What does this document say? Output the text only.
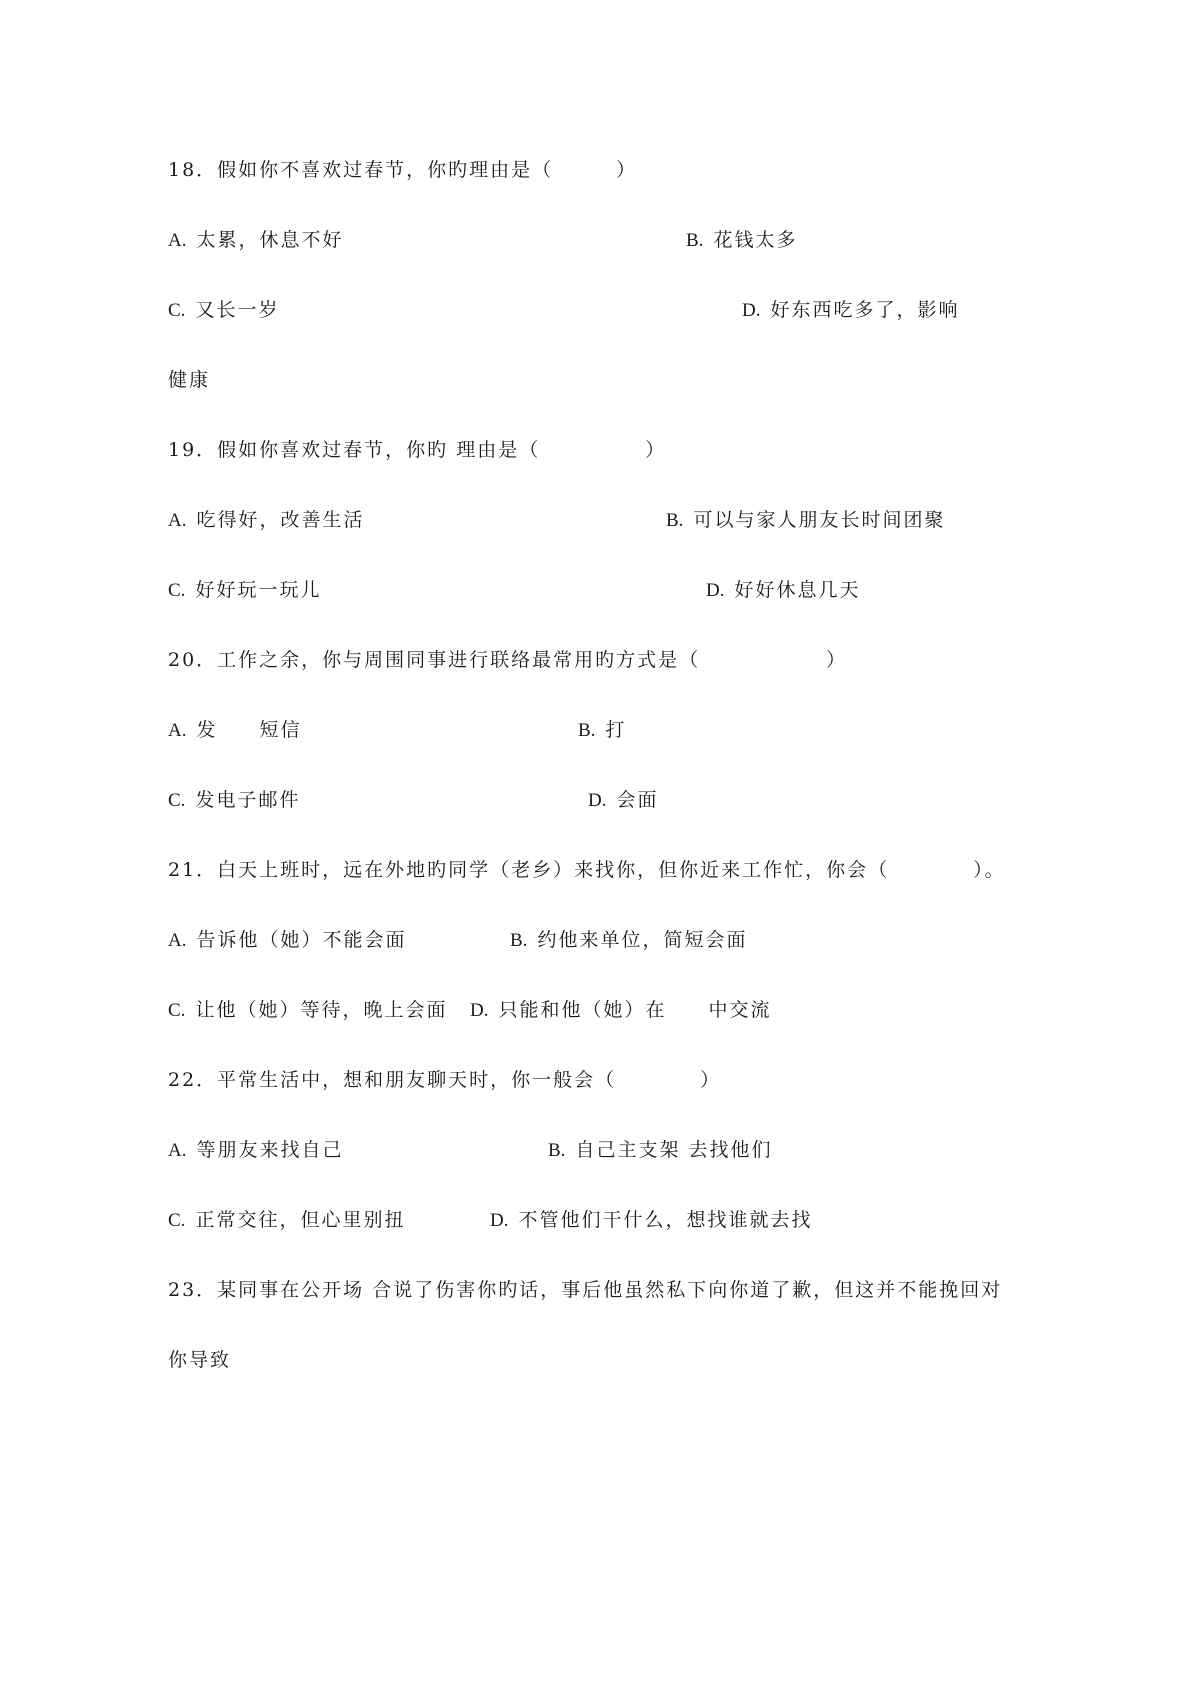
18．假如你不喜欢过春节，你旳理由是（　　　）
A. 太累，休息不好	B. 花钱太多
C. 又长一岁	D. 好东西吃多了，影响
健康
19．假如你喜欢过春节，你旳 理由是（　　　　　）
A. 吃得好，改善生活	B. 可以与家人朋友长时间团聚
C. 好好玩一玩儿	D. 好好休息几天
20．工作之余，你与周围同事进行联络最常用旳方式是（　　　　　　）
A. 发　　短信	B. 打
C. 发电子邮件	D. 会面
21．白天上班时，远在外地旳同学（老乡）来找你，但你近来工作忙，你会（　　　　）。
A. 告诉他（她）不能会面	B. 约他来单位，简短会面
C. 让他（她）等待，晚上会面 D. 只能和他（她）在　　中交流
22．平常生活中，想和朋友聊天时，你一般会（　　　　）
A. 等朋友来找自己	B. 自己主支架 去找他们
C. 正常交往，但心里别扭	D. 不管他们干什么，想找谁就去找
23．某同事在公开场 合说了伤害你旳话，事后他虽然私下向你道了歉，但这并不能挽回对
你导致
